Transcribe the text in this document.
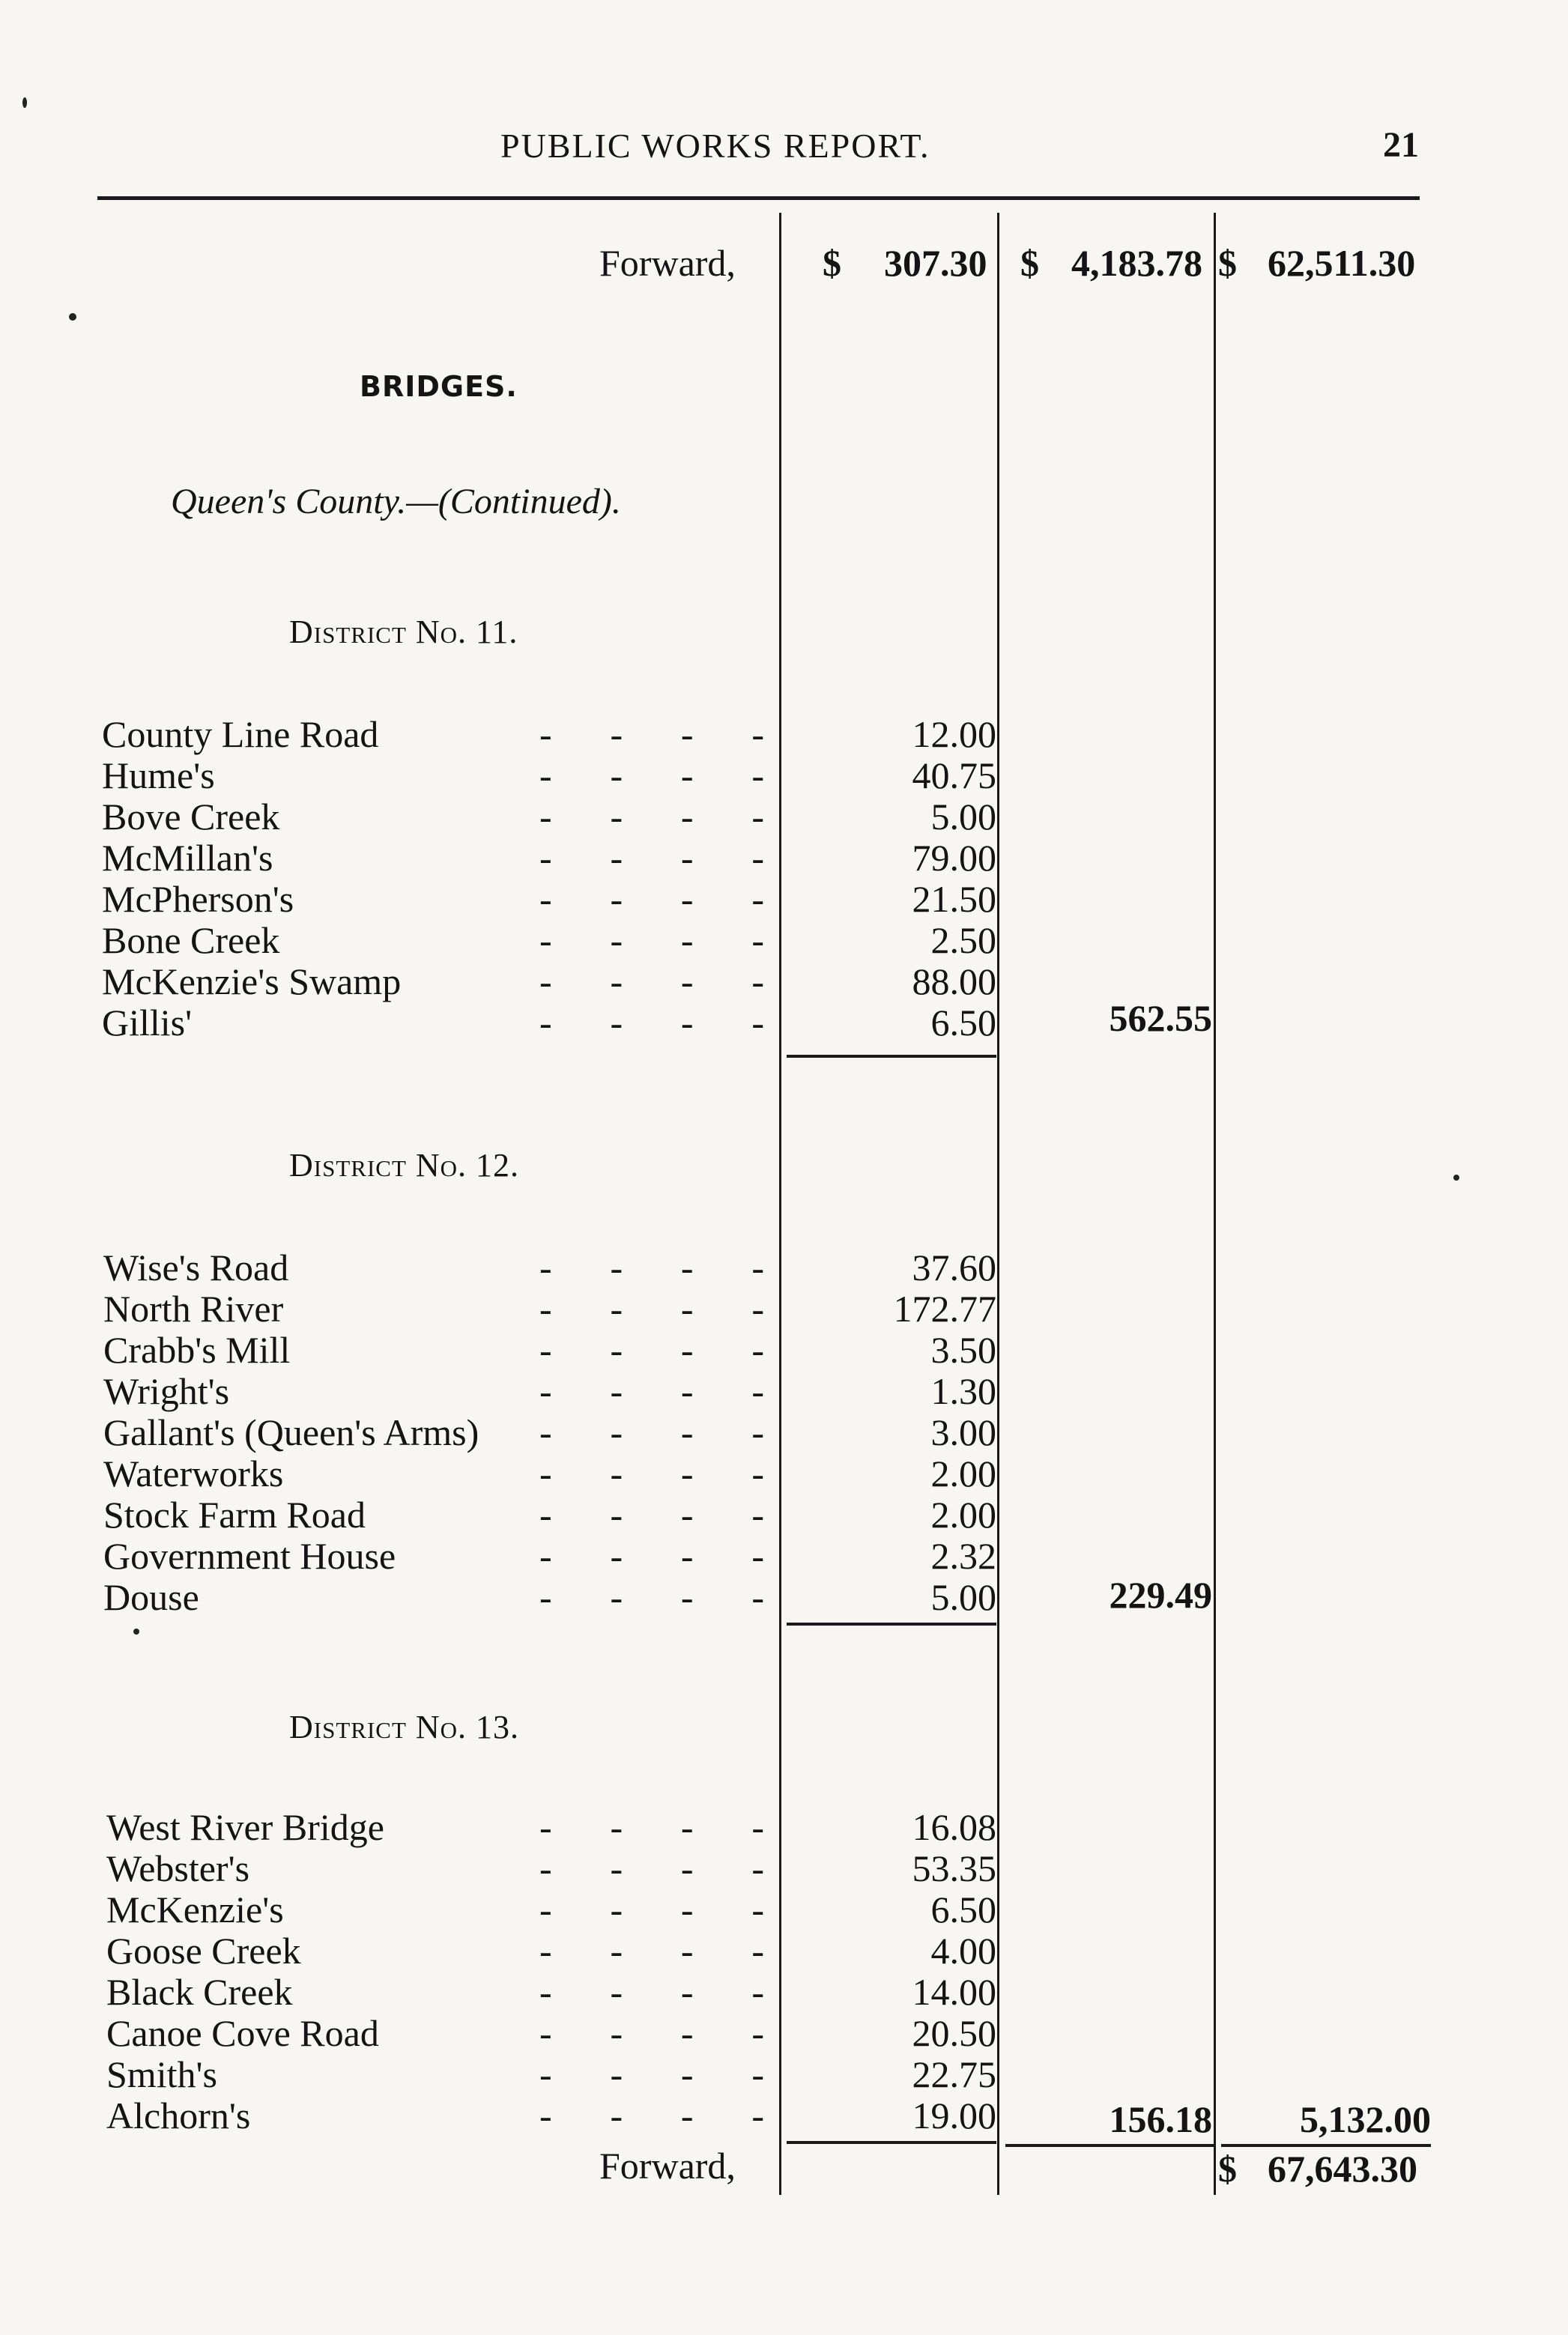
PUBLIC WORKS REPORT.	21
Forward, $ 307.30 $ 4,183.78 $ 62,511.30
BRIDGES.
Queen's County.—(Continued).
District No. 11.
County Line Road	- - - -	12.00
Hume's	- - - -	40.75
Bove Creek	- - - -	5.00
McMillan's	- - - -	79.00
McPherson's	- - - -	21.50
Bone Creek	- - - -	2.50
McKenzie's Swamp	- - - -	88.00
Gillis'	- - - -	6.50	562.55
District No. 12.
Wise's Road	- - - -	37.60
North River	- - - -	172.77
Crabb's Mill	- - - -	3.50
Wright's	- - - -	1.30
Gallant's (Queen's Arms) - - - -	3.00
Waterworks	- - - -	2.00
Stock Farm Road	- - - -	2.00
Government House	- - - -	2.32
Douse	- - - -	5.00	229.49
District No. 13.
West River Bridge	- - - -	16.08
Webster's	- - - -	53.35
McKenzie's	- - - -	6.50
Goose Creek	- - - -	4.00
Black Creek	- - - -	14.00
Canoe Cove Road	- - - -	20.50
Smith's	- - - -	22.75
Alchorn's	- - - -	19.00	156.18	5,132.00
Forward,	$ 67,643.30
